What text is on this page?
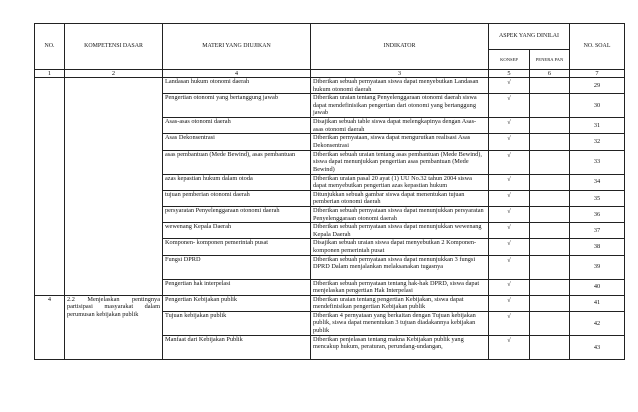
NO.	KOMPETENSI DASAR	MATERI YANG DIUJIKAN	INDIKATOR	ASPEK YANG DINILAI		NO. SOAL
				KONSEP	PENERA PAN	
1	2	4	3	5	6	7
		Landasan hukum otonomi daerah	Diberikan sebuah pernyataan siswa dapat menyebutkan Landasan hukum otonomi daerah	√		29
		Pengertian otonomi yang bertanggung jawab	Diberikan uraian tentang Penyelenggaraan otonomi daerah siswa dapat mendefinisikan pengertian dari otonomi yang bertanggung jawab	√		30
		Asas-asas otonomi daerah	Disajikan sebuah table siswa dapat melengkapinya dengan Asas-asas otonomi daerah	√		31
		Asas Dekonsentrasi	Diberikan pernyataan, siswa dapat mengurutkan realisasi Asas Dekonsentrasi	√		32
		asas pembantuan (Mede Bewind), asas pembantuan	Diberikan sebuah uraian tentang asas pembantuan (Mede Bewind), siswa dapat menunjukkan pengertian asas pembantuan (Mede Bewind)	√		33
		azas kepastian hukum dalam otoda	Diberikan uraian pasal 20 ayat (1) UU No.32 tahun 2004 siswa dapat menyebutkan pengertian azas kepastian hukum	√		34
		tujuan pemberian otonomi daerah	Ditunjukkan sebuah gambar siswa dapat menentukan tujuan pemberian otonomi daerah	√		35
		persyaratan Penyelenggaraan otonomi daerah	Diberikan sebuah pernyataan siswa dapat menunjukkan persyaratan Penyelenggaraan otonomi daerah	√		36
		wewenang Kepala Daerah	Diberikan sebuah pernyataan siswa dapat menunjukkan wewenang Kepala Daerah	√		37
		Komponen- komponen pemerintah pusat	Disajikan sebuah uraian siswa dapat menyebutkan 2 Komponen- komponen pemerintah pusat	√		38
		Fungsi DPRD	Diberikan sebuah pernyataan siswa dapat menunjukkan 3 fungsi DPRD Dalam menjalankan melaksanakan tugasnya	√		39
		Pengertian hak interpelasi	Diberikan sebuah pernyataan tentang hak-hak DPRD, siswa dapat menjelaskan pengertian Hak Interpelasi	√		40
4	2.2 Menjelaskan pentingnya partisipasi masyarakat dalam perumusan kebijakan publik	Pengertian Kebijakan publik	Diberikan uraian tentang pengertian Kebijakan, siswa dapat mendefinisikan pengertian Kebijakan publik	√		41
		Tujuan kebijakan publik	Diberikan 4 pernyataan yang berkaitan dengan Tujuan kebijakan publik, siswa dapat menentukan 3 tujuan diadakannya kebijakan publik	√		42
		Manfaat dari Kebijakan Publik	Diberikan penjelasan tentang makna Kebijakan publik yang mencakup hukum, peraturan, perundang-undangan,	√		43
